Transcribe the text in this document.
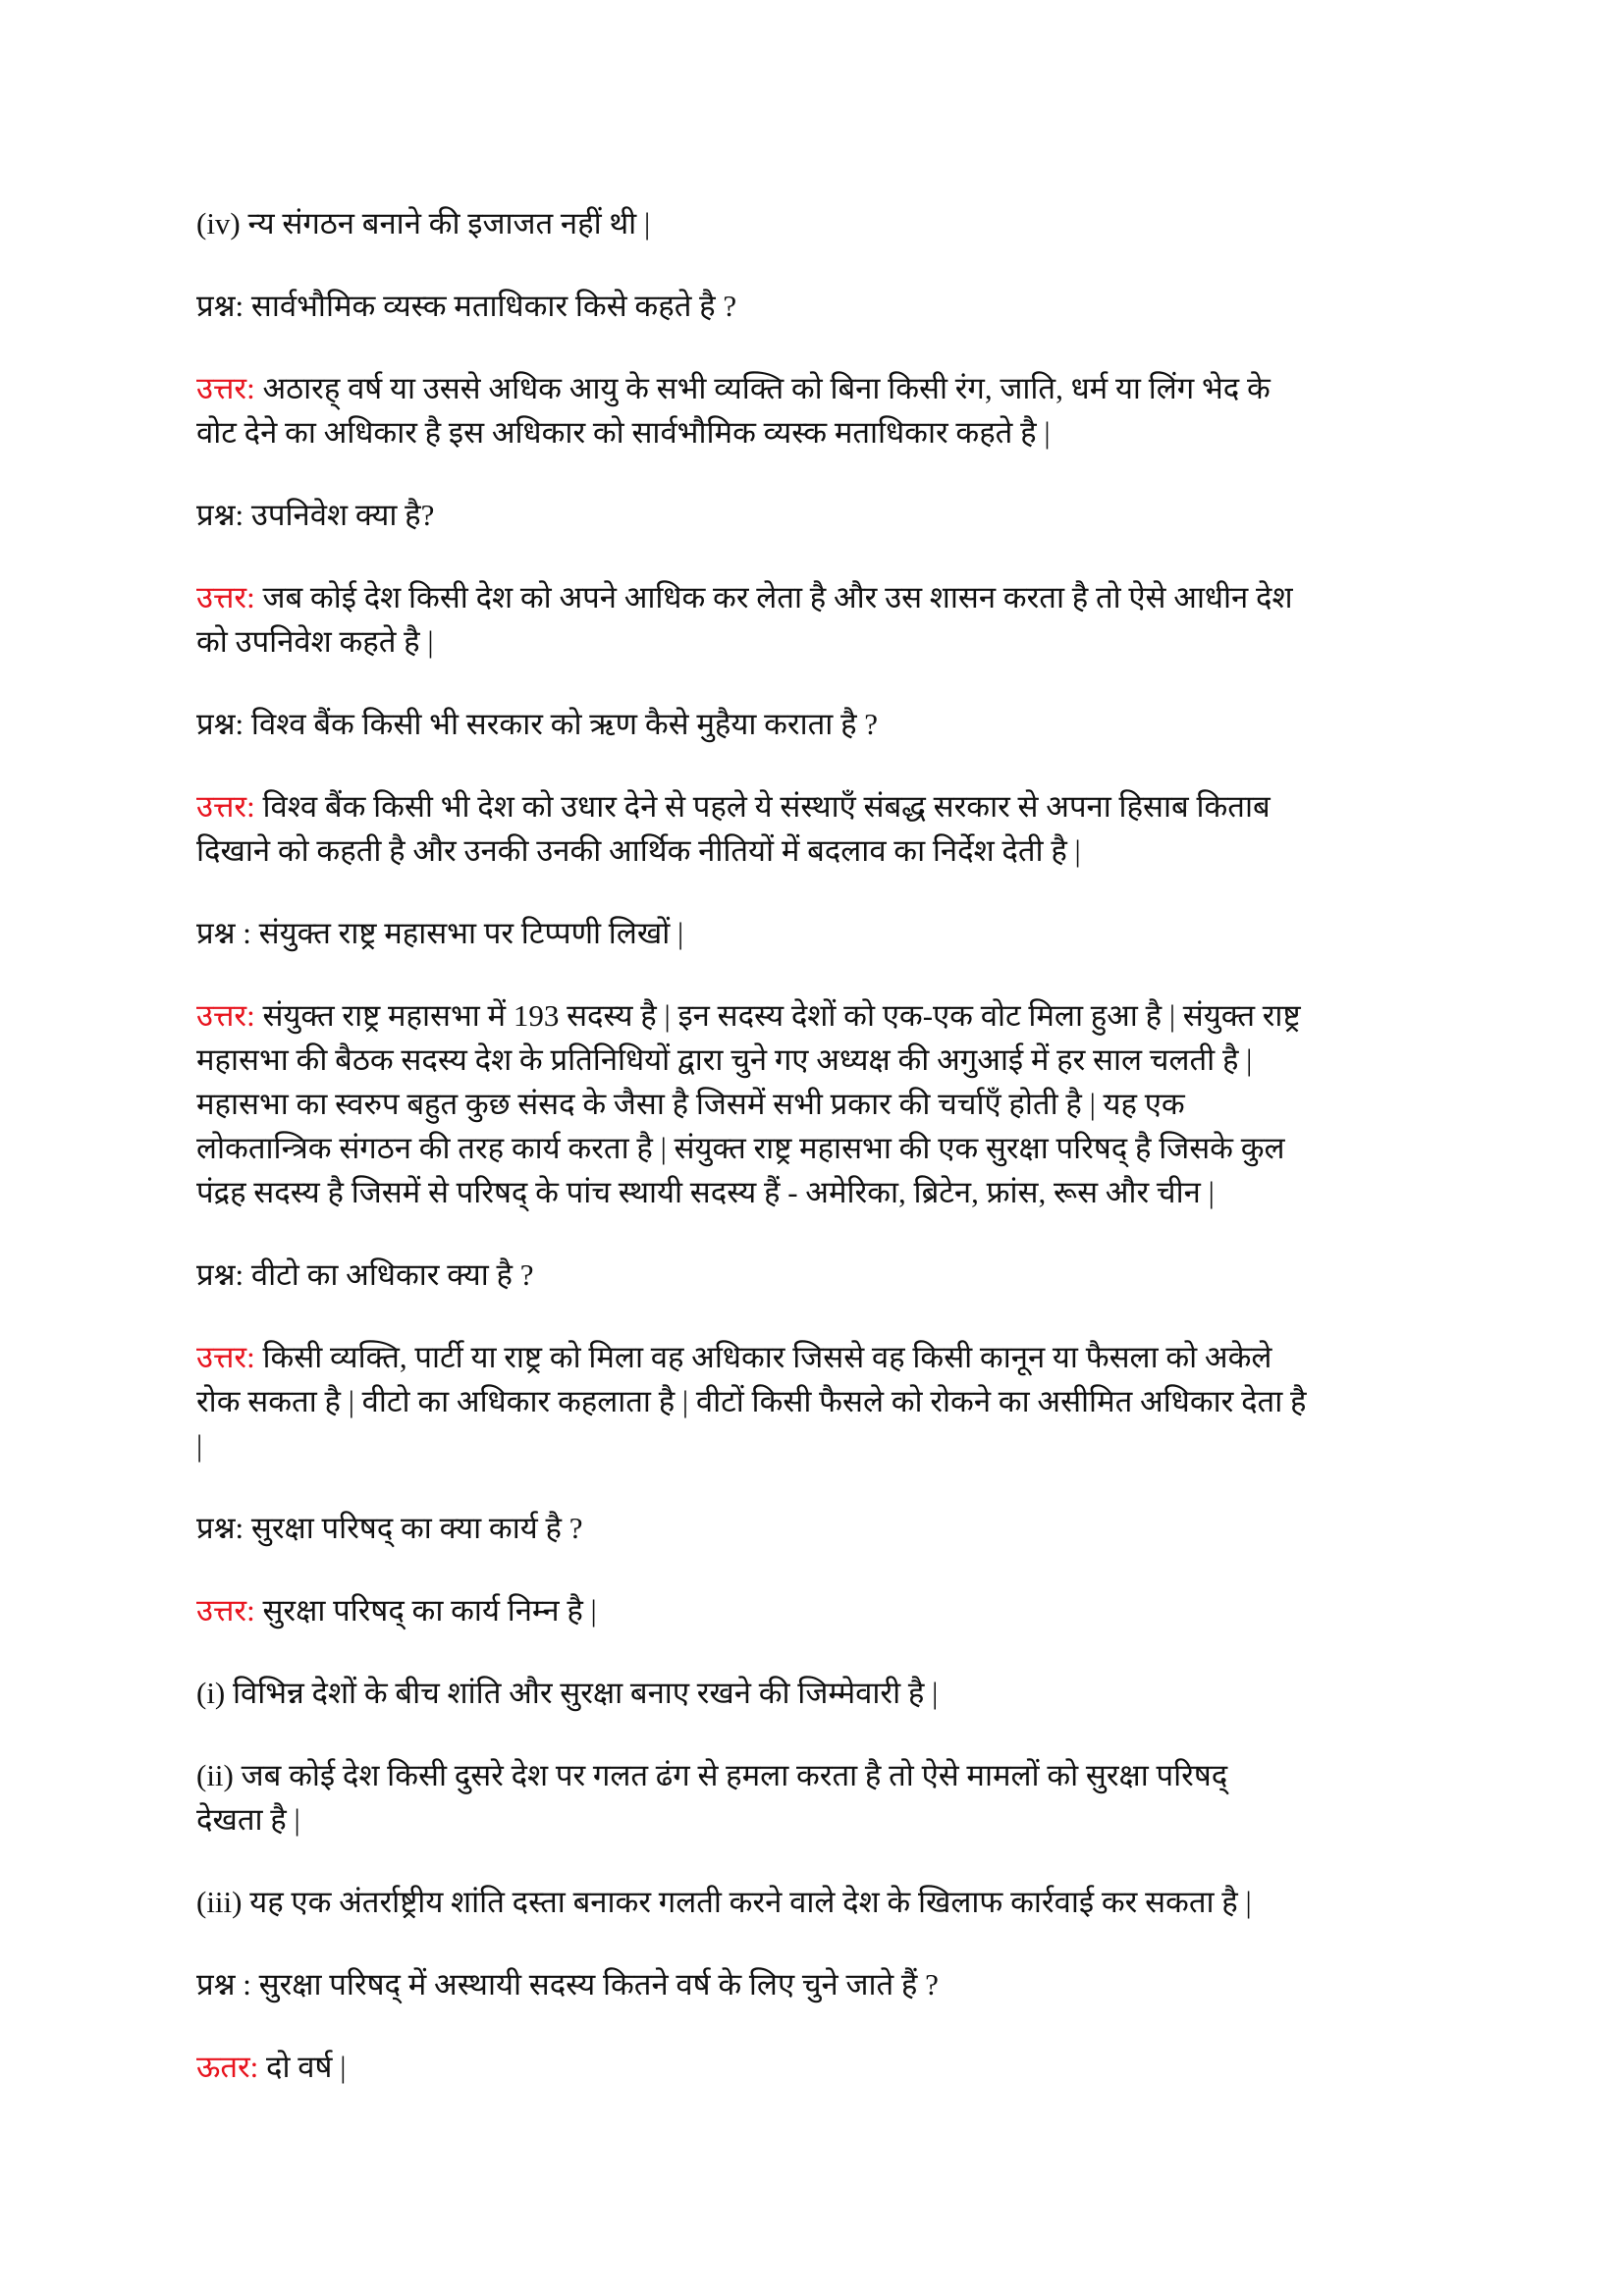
(iv) न्य संगठन बनाने की इजाजत नहीं थी |

प्रश्न: सार्वभौमिक व्यस्क मताधिकार किसे कहते है ?

उत्तर: अठारह् वर्ष या उससे अधिक आयु के सभी व्यक्ति को बिना किसी रंग, जाति, धर्म या लिंग भेद के
वोट देने का अधिकार है इस अधिकार को सार्वभौमिक व्यस्क मताधिकार कहते है |

प्रश्न: उपनिवेश क्या है?

उत्तर: जब कोई देश किसी देश को अपने आधिक कर लेता है और उस शासन करता है तो ऐसे आधीन देश
को उपनिवेश कहते है |

प्रश्न: विश्व बैंक किसी भी सरकार को ऋण कैसे मुहैया कराता है ?

उत्तर: विश्व बैंक किसी भी देश को उधार देने से पहले ये संस्थाएँ संबद्ध सरकार से अपना हिसाब किताब
दिखाने को कहती है और उनकी उनकी आर्थिक नीतियों में बदलाव का निर्देश देती है |

प्रश्न : संयुक्त राष्ट्र महासभा पर टिप्पणी लिखों |

उत्तर: संयुक्त राष्ट्र महासभा में 193 सदस्य है | इन सदस्य देशों को एक-एक वोट मिला हुआ है | संयुक्त राष्ट्र
महासभा की बैठक सदस्य देश के प्रतिनिधियों द्वारा चुने गए अध्यक्ष की अगुआई में हर साल चलती है |
महासभा का स्वरुप बहुत कुछ संसद के जैसा है जिसमें सभी प्रकार की चर्चाएँ होती है | यह एक
लोकतान्त्रिक संगठन की तरह कार्य करता है | संयुक्त राष्ट्र महासभा की एक सुरक्षा परिषद् है जिसके कुल
पंद्रह सदस्य है जिसमें से परिषद् के पांच स्थायी सदस्य हैं - अमेरिका, ब्रिटेन, फ्रांस, रूस और चीन |

प्रश्न: वीटो का अधिकार क्या है ?

उत्तर: किसी व्यक्ति, पार्टी या राष्ट्र को मिला वह अधिकार जिससे वह किसी कानून या फैसला को अकेले
रोक सकता है | वीटो का अधिकार कहलाता है | वीटों किसी फैसले को रोकने का असीमित अधिकार देता है
|

प्रश्न: सुरक्षा परिषद् का क्या कार्य है ?

उत्तर: सुरक्षा परिषद् का कार्य निम्न है |

(i) विभिन्न देशों के बीच शांति और सुरक्षा बनाए रखने की जिम्मेवारी है |

(ii) जब कोई देश किसी दुसरे देश पर गलत ढंग से हमला करता है तो ऐसे मामलों को सुरक्षा परिषद्
देखता है |

(iii) यह एक अंतर्राष्ट्रीय शांति दस्ता बनाकर गलती करने वाले देश के खिलाफ कार्रवाई कर सकता है |

प्रश्न : सुरक्षा परिषद् में अस्थायी सदस्य कितने वर्ष के लिए चुने जाते हैं ?

ऊतर: दो वर्ष |
